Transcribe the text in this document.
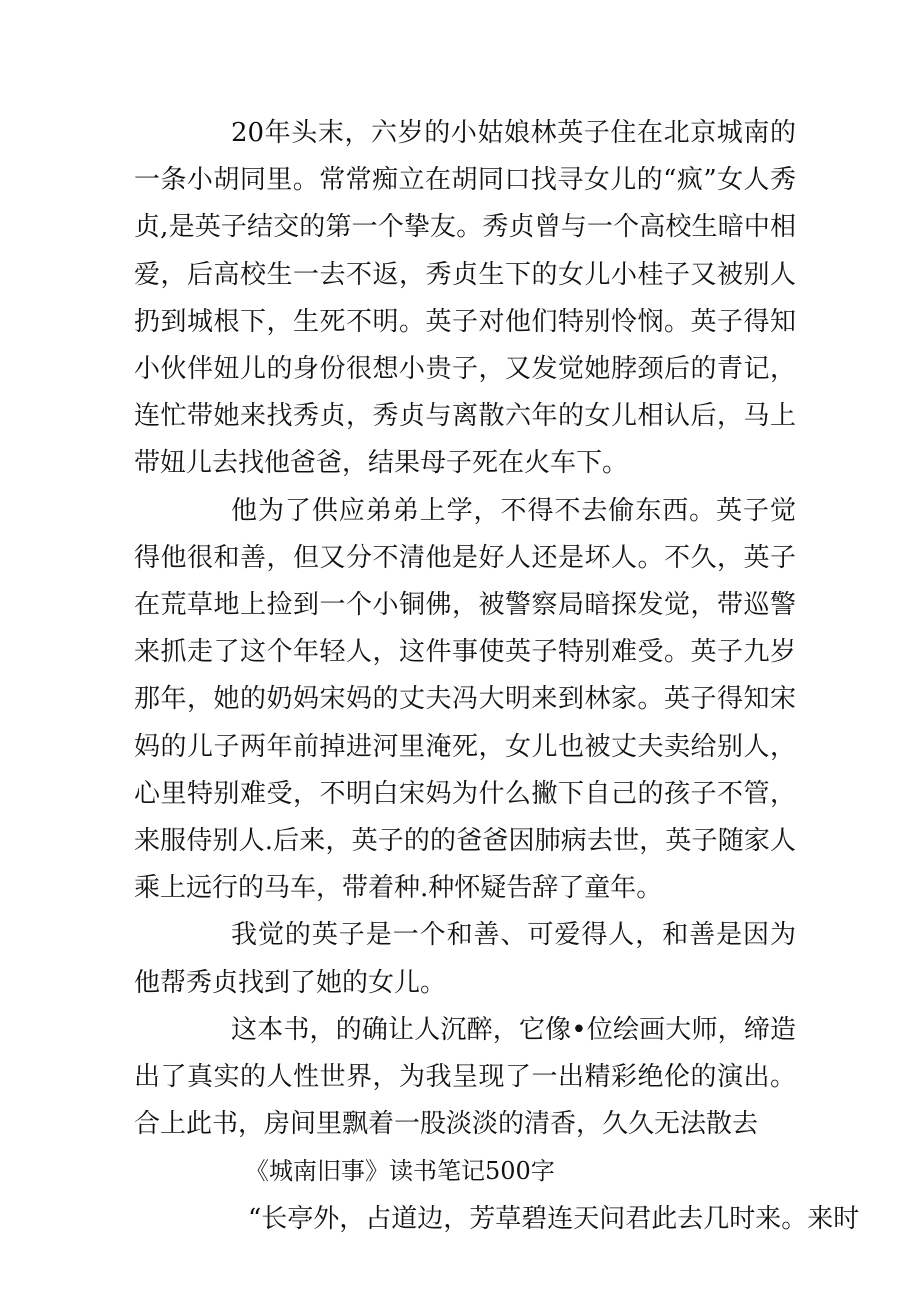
20年头末，六岁的小姑娘林英子住在北京城南的一条小胡同里。常常痴立在胡同口找寻女儿的“疯”女人秀贞,是英子结交的第一个挚友。秀贞曾与一个高校生暗中相爱，后高校生一去不返，秀贞生下的女儿小桂子又被别人扔到城根下，生死不明。英子对他们特别怜悯。英子得知小伙伴妞儿的身份很想小贵子，又发觉她脖颈后的青记，连忙带她来找秀贞，秀贞与离散六年的女儿相认后，马上带妞儿去找他爸爸，结果母子死在火车下。

他为了供应弟弟上学，不得不去偷东西。英子觉得他很和善，但又分不清他是好人还是坏人。不久，英子在荒草地上捡到一个小铜佛，被警察局暗探发觉，带巡警来抓走了这个年轻人，这件事使英子特别难受。英子九岁那年，她的奶妈宋妈的丈夫冯大明来到林家。英子得知宋妈的儿子两年前掉进河里淹死，女儿也被丈夫卖给别人，心里特别难受，不明白宋妈为什么撇下自己的孩子不管，来服侍别人.后来，英子的的爸爸因肺病去世，英子随家人乘上远行的马车，带着种.种怀疑告辞了童年。

我觉的英子是一个和善、可爱得人，和善是因为他帮秀贞找到了她的女儿。

这本书，的确让人沉醉，它像•位绘画大师，缔造出了真实的人性世界，为我呈现了一出精彩绝伦的演出。合上此书，房间里飘着一股淡淡的清香，久久无法散去

《城南旧事》读书笔记500字

“长亭外，占道边，芳草碧连天问君此去几时来。来时
